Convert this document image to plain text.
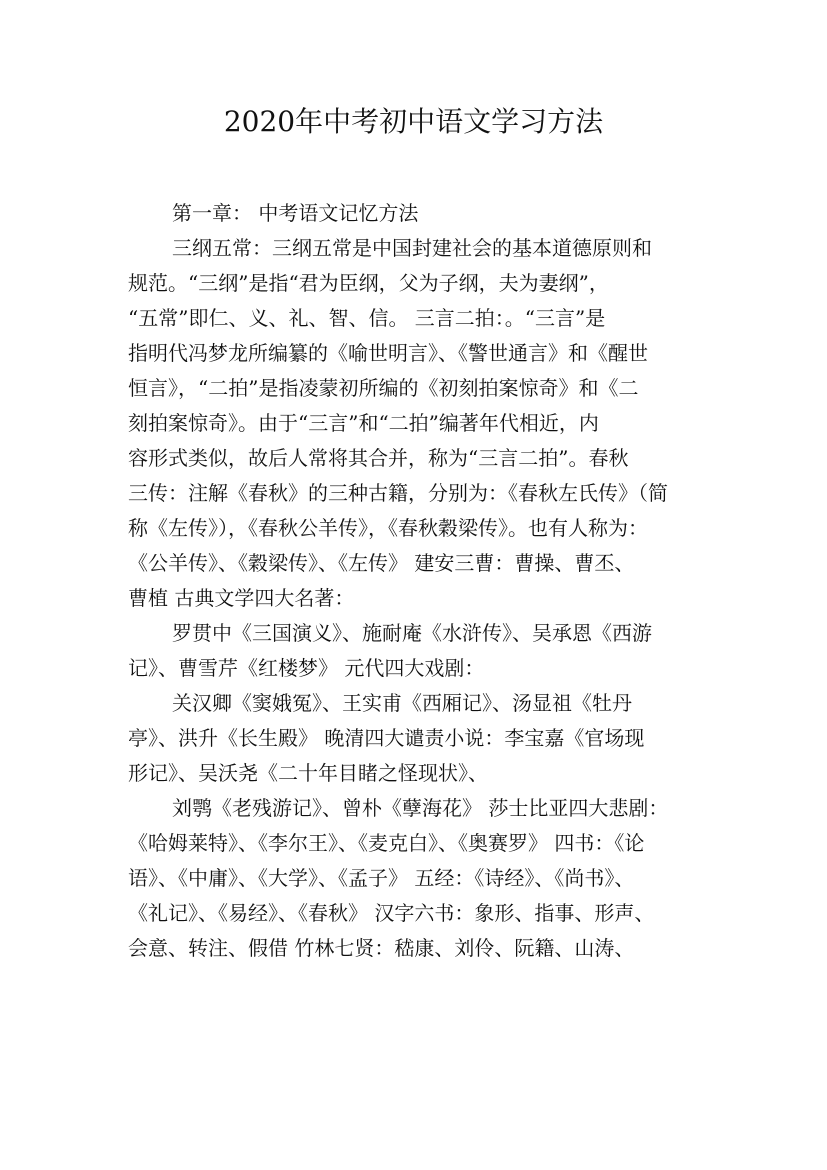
2020年中考初中语文学习方法
第一章： 中考语文记忆方法
三纲五常：三纲五常是中国封建社会的基本道德原则和
规范。“三纲”是指“君为臣纲，父为子纲，夫为妻纲”，
“五常”即仁、义、礼、智、信。 三言二拍：。“三言”是
指明代冯梦龙所编纂的《喻世明言》、《警世通言》和《醒世
恒言》，“二拍”是指凌蒙初所编的《初刻拍案惊奇》和《二
刻拍案惊奇》。由于“三言”和“二拍”编著年代相近，内
容形式类似，故后人常将其合并，称为“三言二拍”。春秋
三传：注解《春秋》的三种古籍，分别为：《春秋左氏传》（简
称《左传》），《春秋公羊传》，《春秋穀梁传》。也有人称为：
《公羊传》、《穀梁传》、《左传》 建安三曹：曹操、曹丕、
曹植 古典文学四大名著：
罗贯中《三国演义》、施耐庵《水浒传》、吴承恩《西游
记》、曹雪芹《红楼梦》 元代四大戏剧：
关汉卿《窦娥冤》、王实甫《西厢记》、汤显祖《牡丹
亭》、洪升《长生殿》 晚清四大谴责小说：李宝嘉《官场现
形记》、吴沃尧《二十年目睹之怪现状》、
刘鹗《老残游记》、曾朴《孽海花》 莎士比亚四大悲剧：
《哈姆莱特》、《李尔王》、《麦克白》、《奥赛罗》 四书：《论
语》、《中庸》、《大学》、《孟子》 五经：《诗经》、《尚书》、
《礼记》、《易经》、《春秋》 汉字六书：象形、指事、形声、
会意、转注、假借 竹林七贤：嵇康、刘伶、阮籍、山涛、
